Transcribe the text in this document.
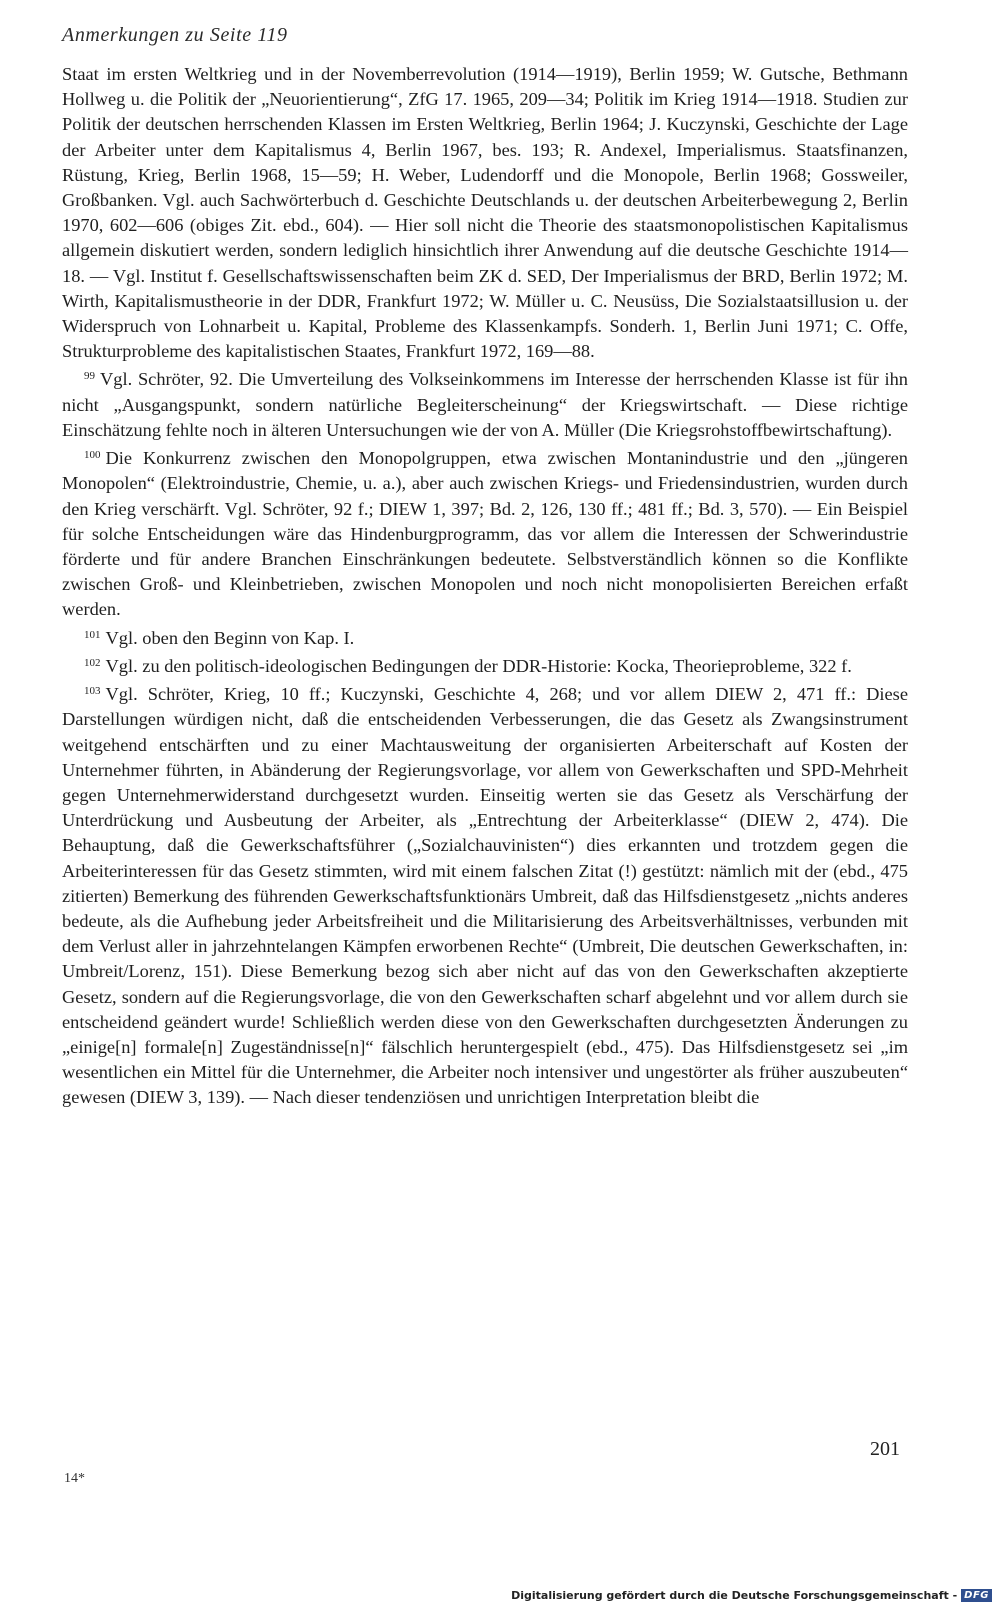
Anmerkungen zu Seite 119

Staat im ersten Weltkrieg und in der Novemberrevolution (1914—1919), Berlin 1959; W. Gutsche, Bethmann Hollweg u. die Politik der „Neuorientierung“, ZfG 17. 1965, 209—34; Politik im Krieg 1914—1918. Studien zur Politik der deutschen herrschenden Klassen im Ersten Weltkrieg, Berlin 1964; J. Kuczynski, Geschichte der Lage der Arbeiter unter dem Kapitalismus 4, Berlin 1967, bes. 193; R. Andexel, Imperialismus. Staatsfinanzen, Rüstung, Krieg, Berlin 1968, 15—59; H. Weber, Ludendorff und die Monopole, Berlin 1968; Gossweiler, Großbanken. Vgl. auch Sachwörterbuch d. Geschichte Deutschlands u. der deutschen Arbeiterbewegung 2, Berlin 1970, 602—606 (obiges Zit. ebd., 604). — Hier soll nicht die Theorie des staatsmonopolistischen Kapitalismus allgemein diskutiert werden, sondern lediglich hinsichtlich ihrer Anwendung auf die deutsche Geschichte 1914—18. — Vgl. Institut f. Gesellschaftswissenschaften beim ZK d. SED, Der Imperialismus der BRD, Berlin 1972; M. Wirth, Kapitalismustheorie in der DDR, Frankfurt 1972; W. Müller u. C. Neusüss, Die Sozialstaatsillusion u. der Widerspruch von Lohnarbeit u. Kapital, Probleme des Klassenkampfs. Sonderh. 1, Berlin Juni 1971; C. Offe, Strukturprobleme des kapitalistischen Staates, Frankfurt 1972, 169—88.

$^{99}$ Vgl. Schröter, 92. Die Umverteilung des Volkseinkommens im Interesse der herrschenden Klasse ist für ihn nicht „Ausgangspunkt, sondern natürliche Begleiterscheinung“ der Kriegswirtschaft. — Diese richtige Einschätzung fehlte noch in älteren Untersuchungen wie der von A. Müller (Die Kriegsrohstoffbewirtschaftung).

$^{100}$ Die Konkurrenz zwischen den Monopolgruppen, etwa zwischen Montanindustrie und den „jüngeren Monopolen“ (Elektroindustrie, Chemie, u. a.), aber auch zwischen Kriegs- und Friedensindustrien, wurden durch den Krieg verschärft. Vgl. Schröter, 92 f.; DIEW 1, 397; Bd. 2, 126, 130 ff.; 481 ff.; Bd. 3, 570). — Ein Beispiel für solche Entscheidungen wäre das Hindenburgprogramm, das vor allem die Interessen der Schwerindustrie förderte und für andere Branchen Einschränkungen bedeutete. Selbstverständlich können so die Konflikte zwischen Groß- und Kleinbetrieben, zwischen Monopolen und noch nicht monopolisierten Bereichen erfaßt werden.

$^{101}$ Vgl. oben den Beginn von Kap. I.

$^{102}$ Vgl. zu den politisch-ideologischen Bedingungen der DDR-Historie: Kocka, Theorieprobleme, 322 f.

$^{103}$ Vgl. Schröter, Krieg, 10 ff.; Kuczynski, Geschichte 4, 268; und vor allem DIEW 2, 471 ff.: Diese Darstellungen würdigen nicht, daß die entscheidenden Verbesserungen, die das Gesetz als Zwangsinstrument weitgehend entschärften und zu einer Machtausweitung der organisierten Arbeiterschaft auf Kosten der Unternehmer führten, in Abänderung der Regierungsvorlage, vor allem von Gewerkschaften und SPD-Mehrheit gegen Unternehmerwiderstand durchgesetzt wurden. Einseitig werten sie das Gesetz als Verschärfung der Unterdrückung und Ausbeutung der Arbeiter, als „Entrechtung der Arbeiterklasse“ (DIEW 2, 474). Die Behauptung, daß die Gewerkschaftsführer („Sozialchauvinisten“) dies erkannten und trotzdem gegen die Arbeiterinteressen für das Gesetz stimmten, wird mit einem falschen Zitat (!) gestützt: nämlich mit der (ebd., 475 zitierten) Bemerkung des führenden Gewerkschaftsfunktionärs Umbreit, daß das Hilfsdienstgesetz „nichts anderes bedeute, als die Aufhebung jeder Arbeitsfreiheit und die Militarisierung des Arbeitsverhältnisses, verbunden mit dem Verlust aller in jahrzehntelangen Kämpfen erworbenen Rechte“ (Umbreit, Die deutschen Gewerkschaften, in: Umbreit/Lorenz, 151). Diese Bemerkung bezog sich aber nicht auf das von den Gewerkschaften akzeptierte Gesetz, sondern auf die Regierungsvorlage, die von den Gewerkschaften scharf abgelehnt und vor allem durch sie entscheidend geändert wurde! Schließlich werden diese von den Gewerkschaften durchgesetzten Änderungen zu „einige[n] formale[n] Zugeständnisse[n]“ fälschlich heruntergespielt (ebd., 475). Das Hilfsdienstgesetz sei „im wesentlichen ein Mittel für die Unternehmer, die Arbeiter noch intensiver und ungestörter als früher auszubeuten“ gewesen (DIEW 3, 139). — Nach dieser tendenziösen und unrichtigen Interpretation bleibt die

201
14*
Digitalisierung gefördert durch die Deutsche Forschungsgemeinschaft - DFG
